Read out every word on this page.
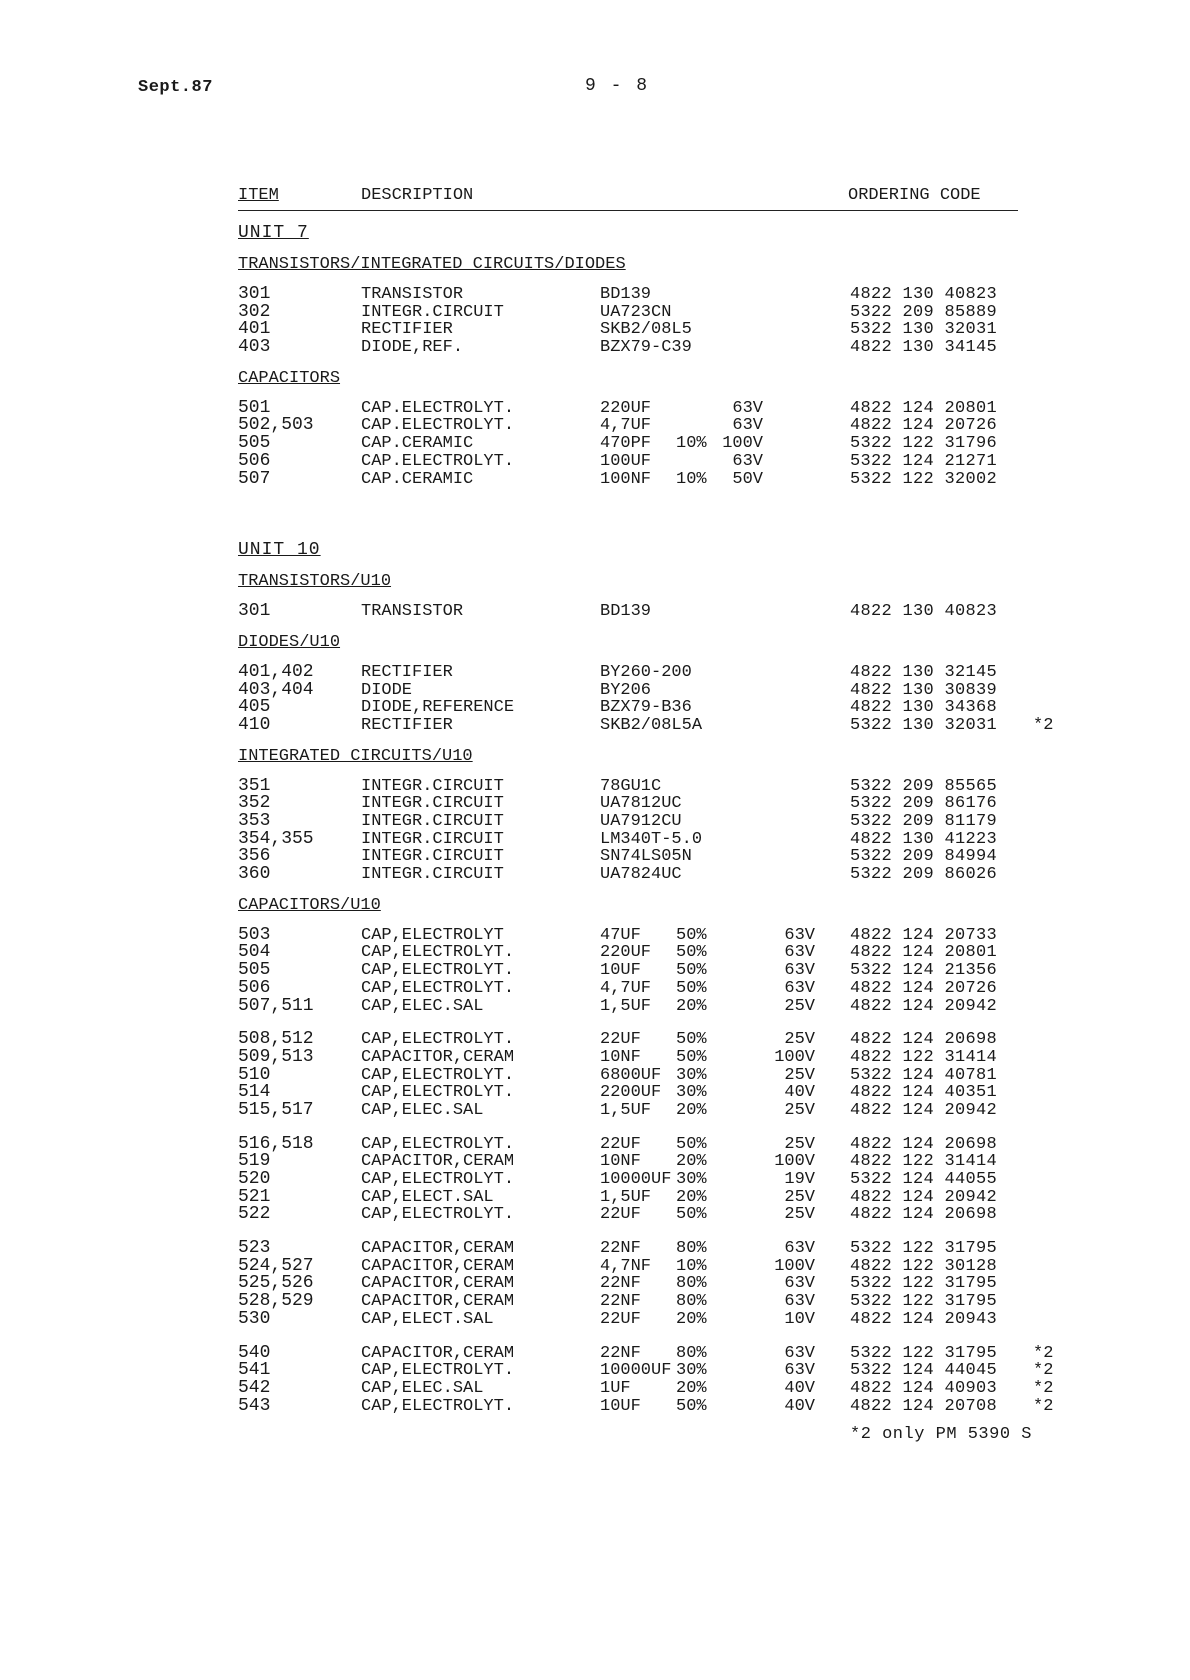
Sept.87	9 - 8
ITEM	DESCRIPTION	ORDERING CODE
UNIT 7
TRANSISTORS/INTEGRATED CIRCUITS/DIODES
301	TRANSISTOR	BD139	4822 130 40823
302	INTEGR.CIRCUIT	UA723CN	5322 209 85889
401	RECTIFIER	SKB2/08L5	5322 130 32031
403	DIODE,REF.	BZX79-C39	4822 130 34145
CAPACITORS
501	CAP.ELECTROLYT.	220UF	63V	4822 124 20801
502,503	CAP.ELECTROLYT.	4,7UF	63V	4822 124 20726
505	CAP.CERAMIC	470PF 10% 100V	5322 122 31796
506	CAP.ELECTROLYT.	100UF	63V	5322 124 21271
507	CAP.CERAMIC	100NF 10%	50V	5322 122 32002
UNIT 10
TRANSISTORS/U10
301	TRANSISTOR	BD139	4822 130 40823
DIODES/U10
401,402	RECTIFIER	BY260-200	4822 130 32145
403,404	DIODE	BY206	4822 130 30839
405	DIODE,REFERENCE	BZX79-B36	4822 130 34368
410	RECTIFIER	SKB2/08L5A	5322 130 32031 *2
INTEGRATED CIRCUITS/U10
351	INTEGR.CIRCUIT	78GU1C	5322 209 85565
352	INTEGR.CIRCUIT	UA7812UC	5322 209 86176
353	INTEGR.CIRCUIT	UA7912CU	5322 209 81179
354,355	INTEGR.CIRCUIT	LM340T-5.0	4822 130 41223
356	INTEGR.CIRCUIT	SN74LS05N	5322 209 84994
360	INTEGR.CIRCUIT	UA7824UC	5322 209 86026
CAPACITORS/U10
503	CAP,ELECTROLYT	47UF 50%	63V 4822 124 20733
504	CAP,ELECTROLYT.	220UF 50%	63V 4822 124 20801
505	CAP,ELECTROLYT.	10UF 50%	63V 5322 124 21356
506	CAP,ELECTROLYT.	4,7UF 50%	63V 4822 124 20726
507,511	CAP,ELEC.SAL	1,5UF 20%	25V 4822 124 20942
508,512	CAP,ELECTROLYT.	22UF 50%	25V 4822 124 20698
509,513	CAPACITOR,CERAM	10NF 50%	100V 4822 122 31414
510	CAP,ELECTROLYT.	6800UF 30%	25V 5322 124 40781
514	CAP,ELECTROLYT.	2200UF 30%	40V 4822 124 40351
515,517	CAP,ELEC.SAL	1,5UF 20%	25V 4822 124 20942
516,518	CAP,ELECTROLYT.	22UF 50%	25V 4822 124 20698
519	CAPACITOR,CERAM	10NF 20%	100V 4822 122 31414
520	CAP,ELECTROLYT.	10000UF 30%	19V 5322 124 44055
521	CAP,ELECT.SAL	1,5UF 20%	25V 4822 124 20942
522	CAP,ELECTROLYT.	22UF 50%	25V 4822 124 20698
523	CAPACITOR,CERAM	22NF 80%	63V 5322 122 31795
524,527	CAPACITOR,CERAM	4,7NF 10%	100V 4822 122 30128
525,526	CAPACITOR,CERAM	22NF 80%	63V 5322 122 31795
528,529	CAPACITOR,CERAM	22NF 80%	63V 5322 122 31795
530	CAP,ELECT.SAL	22UF 20%	10V 4822 124 20943
540	CAPACITOR,CERAM	22NF 80%	63V 5322 122 31795 *2
541	CAP,ELECTROLYT.	10000UF 30%	63V 5322 124 44045 *2
542	CAP,ELEC.SAL	1UF	20%	40V 4822 124 40903 *2
543	CAP,ELECTROLYT.	10UF 50%	40V 4822 124 20708 *2
*2 only PM 5390 S
